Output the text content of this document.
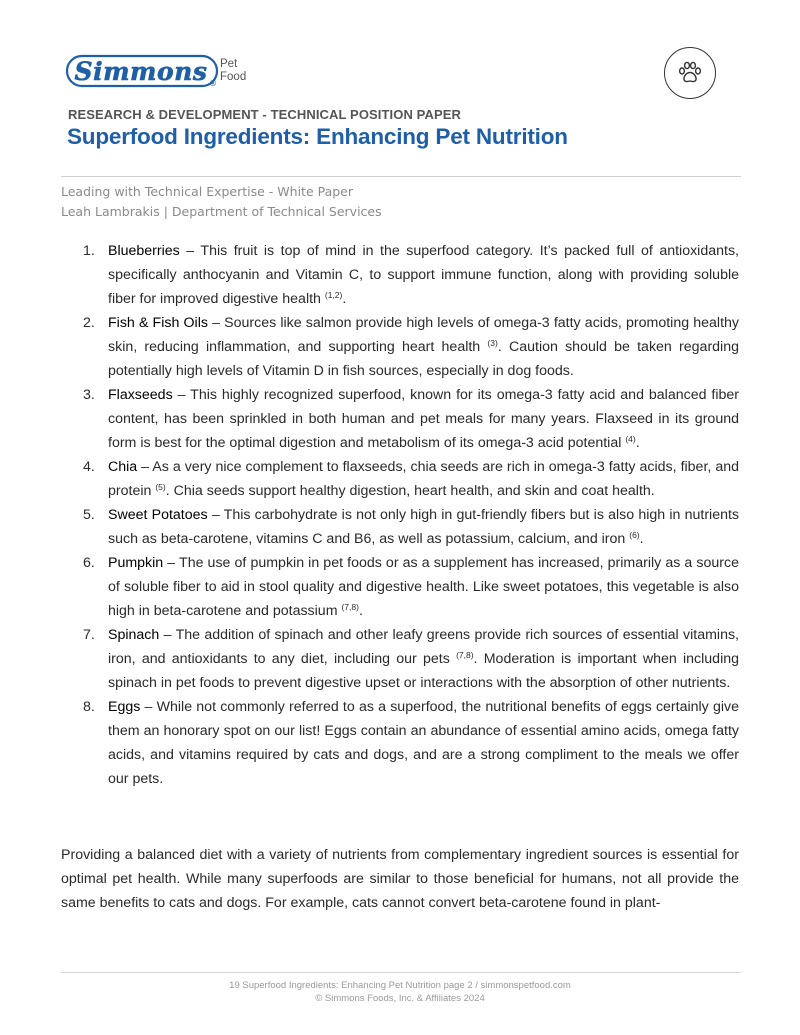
Simmons ®
Pet
Food
RESEARCH & DEVELOPMENT - TECHNICAL POSITION PAPER
Superfood Ingredients: Enhancing Pet Nutrition
Leading with Technical Expertise - White Paper
Leah Lambrakis | Department of Technical Services
1. Blueberries – This fruit is top of mind in the superfood category. It’s packed full of antioxidants, specifically anthocyanin and Vitamin C, to support immune function, along with providing soluble fiber for improved digestive health $^{(1,2)}$.
2. Fish & Fish Oils – Sources like salmon provide high levels of omega-3 fatty acids, promoting healthy skin, reducing inflammation, and supporting heart health $^{(3)}$. Caution should be taken regarding potentially high levels of Vitamin D in fish sources, especially in dog foods.
3. Flaxseeds – This highly recognized superfood, known for its omega-3 fatty acid and balanced fiber content, has been sprinkled in both human and pet meals for many years. Flaxseed in its ground form is best for the optimal digestion and metabolism of its omega-3 acid potential $^{(4)}$.
4. Chia – As a very nice complement to flaxseeds, chia seeds are rich in omega-3 fatty acids, fiber, and protein $^{(5)}$. Chia seeds support healthy digestion, heart health, and skin and coat health.
5. Sweet Potatoes – This carbohydrate is not only high in gut-friendly fibers but is also high in nutrients such as beta-carotene, vitamins C and B6, as well as potassium, calcium, and iron $^{(6)}$.
6. Pumpkin – The use of pumpkin in pet foods or as a supplement has increased, primarily as a source of soluble fiber to aid in stool quality and digestive health. Like sweet potatoes, this vegetable is also high in beta-carotene and potassium $^{(7,8)}$.
7. Spinach – The addition of spinach and other leafy greens provide rich sources of essential vitamins, iron, and antioxidants to any diet, including our pets $^{(7,8)}$. Moderation is important when including spinach in pet foods to prevent digestive upset or interactions with the absorption of other nutrients.
8. Eggs – While not commonly referred to as a superfood, the nutritional benefits of eggs certainly give them an honorary spot on our list! Eggs contain an abundance of essential amino acids, omega fatty acids, and vitamins required by cats and dogs, and are a strong compliment to the meals we offer our pets.

Providing a balanced diet with a variety of nutrients from complementary ingredient sources is essential for optimal pet health. While many superfoods are similar to those beneficial for humans, not all provide the same benefits to cats and dogs. For example, cats cannot convert beta-carotene found in plant-

19 Superfood Ingredients: Enhancing Pet Nutrition page 2 / simmonspetfood.com
© Simmons Foods, Inc. & Affiliates 2024
